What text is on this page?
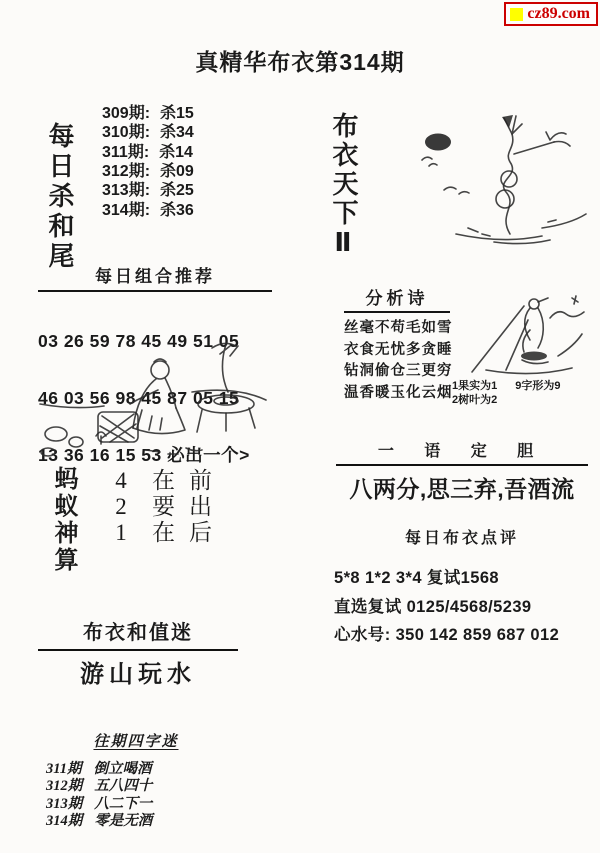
cz89.com
真精华布衣第314期
每日杀和尾
309期: 杀15
310期: 杀34
311期: 杀14
312期: 杀09
313期: 杀25
314期: 杀36	布衣天下Ⅱ
每日组合推荐

03 26 59 78 45 49 51 05

46 03 56 98 45 87 05 15

13 36 16 15 53 必出一个>

分析诗
丝毫不苟毛如雪
衣食无忧多贪睡
钻洞偷仓三更穷
温香暖玉化云烟 1果实为1 9字形为9
2树叶为2
蚂蚁神算 4 在前
2 要出
1 在后
一 语 定 胆
八两分,思三弃,吾酒流
每日布衣点评
5*8 1*2 3*4 复试1568
直选复试 0125/4568/5239
心水号: 350 142 859 687 012
布衣和值迷
游山玩水
往期四字迷
311期 倒立喝酒
312期 五八四十
313期 八二下一
314期 零是无酒
